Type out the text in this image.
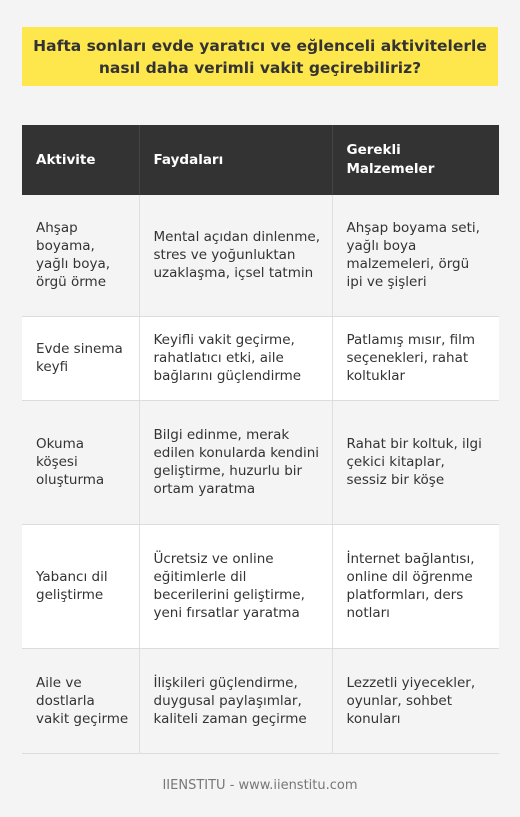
Hafta sonları evde yaratıcı ve eğlenceli aktivitelerle nasıl daha verimli vakit geçirebiliriz?
Aktivite	Faydaları	Gerekli Malzemeler
Ahşap boyama, yağlı boya, örgü örme	Mental açıdan dinlenme, stres ve yoğunluktan uzaklaşma, içsel tatmin	Ahşap boyama seti, yağlı boya malzemeleri, örgü ipi ve şişleri
Evde sinema keyfi	Keyifli vakit geçirme, rahatlatıcı etki, aile bağlarını güçlendirme	Patlamış mısır, film seçenekleri, rahat koltuklar
Okuma köşesi oluşturma	Bilgi edinme, merak edilen konularda kendini geliştirme, huzurlu bir ortam yaratma	Rahat bir koltuk, ilgi çekici kitaplar, sessiz bir köşe
Yabancı dil geliştirme	Ücretsiz ve online eğitimlerle dil becerilerini geliştirme, yeni fırsatlar yaratma	İnternet bağlantısı, online dil öğrenme platformları, ders notları
Aile ve dostlarla vakit geçirme	İlişkileri güçlendirme, duygusal paylaşımlar, kaliteli zaman geçirme	Lezzetli yiyecekler, oyunlar, sohbet konuları
IIENSTITU - www.iienstitu.com
